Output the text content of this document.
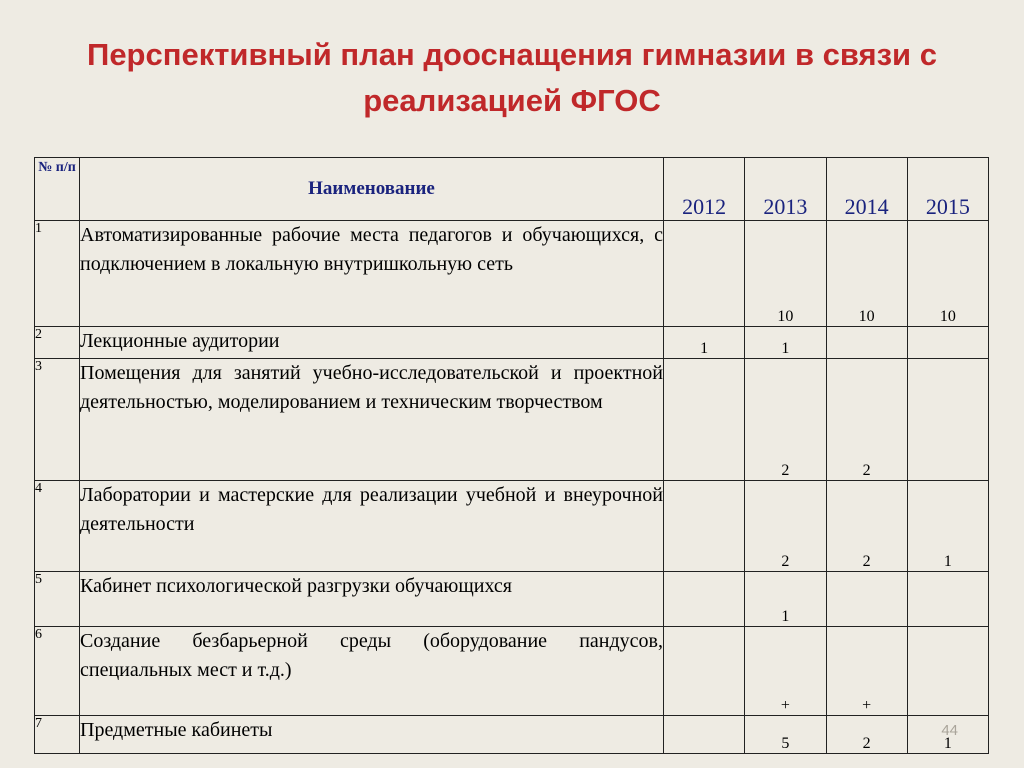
Перспективный план дооснащения гимназии в связи с реализацией ФГОС
№ п/п	Наименование	2012	2013	2014	2015
1	Автоматизированные рабочие места педагогов и обучающихся, с подключением в локальную внутришкольную сеть		10	10	10
2	Лекционные аудитории	1	1		
3	Помещения для занятий учебно-исследовательской и проектной деятельностью, моделированием и техническим творчеством		2	2	
4	Лаборатории и мастерские для реализации учебной и внеурочной деятельности		2	2	1
5	Кабинет психологической разгрузки обучающихся		1		
6	Создание безбарьерной среды (оборудование пандусов, специальных мест и т.д.)		+	+	
7	Предметные кабинеты		5	2	1
44
